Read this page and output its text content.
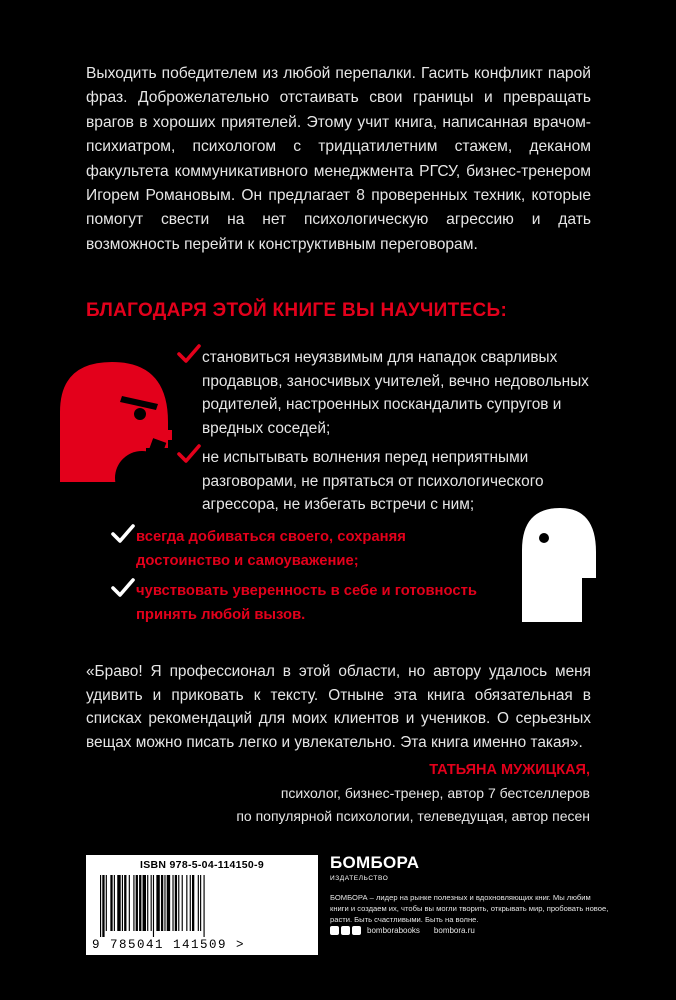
Выходить победителем из любой перепалки. Гасить конфликт парой фраз. Доброжелательно отстаивать свои границы и превращать врагов в хороших приятелей. Этому учит книга, написанная врачом-психиатром, психологом с тридцатилетним стажем, деканом факультета коммуникативного менеджмента РГСУ, бизнес-тренером Игорем Романовым. Он предлагает 8 проверенных техник, которые помогут свести на нет психологическую агрессию и дать возможность перейти к конструктивным переговорам.

БЛАГОДАРЯ ЭТОЙ КНИГЕ ВЫ НАУЧИТЕСЬ:
становиться неуязвимым для нападок сварливых продавцов, заносчивых учителей, вечно недовольных родителей, настроенных поскандалить супругов и вредных соседей;
не испытывать волнения перед неприятными разговорами, не прятаться от психологического агрессора, не избегать встречи с ним;
всегда добиваться своего, сохраняя достоинство и самоуважение;
чувствовать уверенность в себе и готовность принять любой вызов.

«Браво! Я профессионал в этой области, но автору удалось меня удивить и приковать к тексту. Отныне эта книга обязательная в списках рекомендаций для моих клиентов и учеников. О серьезных вещах можно писать легко и увлекательно. Эта книга именно такая».

ТАТЬЯНА МУЖИЦКАЯ,
психолог, бизнес-тренер, автор 7 бестселлеров
по популярной психологии, телеведущая, автор песен
ISBN 978-5-04-114150-9
9 785041 141509 >
БОМБОРА
ИЗДАТЕЛЬСТВО

БОМБОРА – лидер на рынке полезных и вдохновляющих книг. Мы любим книги и создаем их, чтобы вы могли творить, открывать мир, пробовать новое, расти. Быть счастливыми. Быть на волне.

bomborabooks bombora.ru
